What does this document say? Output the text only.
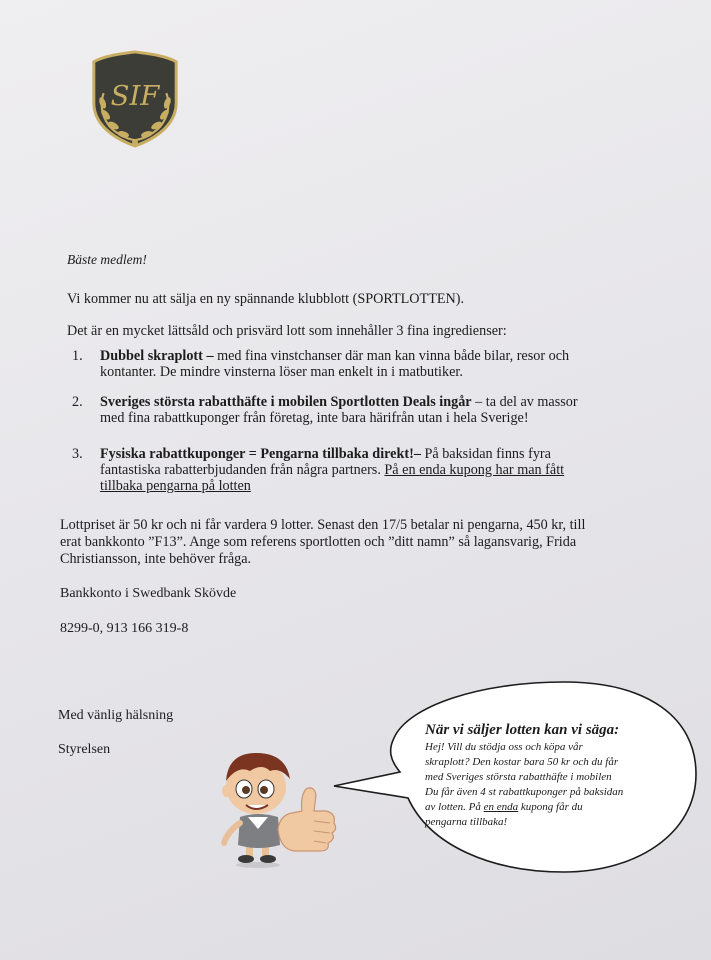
SIF
Bäste medlem!
Vi kommer nu att sälja en ny spännande klubblott (SPORTLOTTEN).
Det är en mycket lättsåld och prisvärd lott som innehåller 3 fina ingredienser:
1.	Dubbel skraplott – med fina vinstchanser där man kan vinna både bilar, resor och
kontanter. De mindre vinsterna löser man enkelt in i matbutiker.
2.	Sveriges största rabatthäfte i mobilen Sportlotten Deals ingår – ta del av massor
med fina rabattkuponger från företag, inte bara härifrån utan i hela Sverige!
3.	Fysiska rabattkuponger = Pengarna tillbaka direkt!– På baksidan finns fyra
fantastiska rabatterbjudanden från några partners. På en enda kupong har man fått
tillbaka pengarna på lotten
Lottpriset är 50 kr och ni får vardera 9 lotter. Senast den 17/5 betalar ni pengarna, 450 kr, till
erat bankkonto ”F13”. Ange som referens sportlotten och ”ditt namn” så lagansvarig, Frida
Christiansson, inte behöver fråga.
Bankkonto i Swedbank Skövde
8299-0, 913 166 319-8
Med vänlig hälsning
Styrelsen
När vi säljer lotten kan vi säga:
Hej! Vill du stödja oss och köpa vår
skraplott? Den kostar bara 50 kr och du får
med Sveriges största rabatthäfte i mobilen
Du får även 4 st rabattkuponger på baksidan
av lotten. På en enda kupong får du
pengarna tillbaka!
